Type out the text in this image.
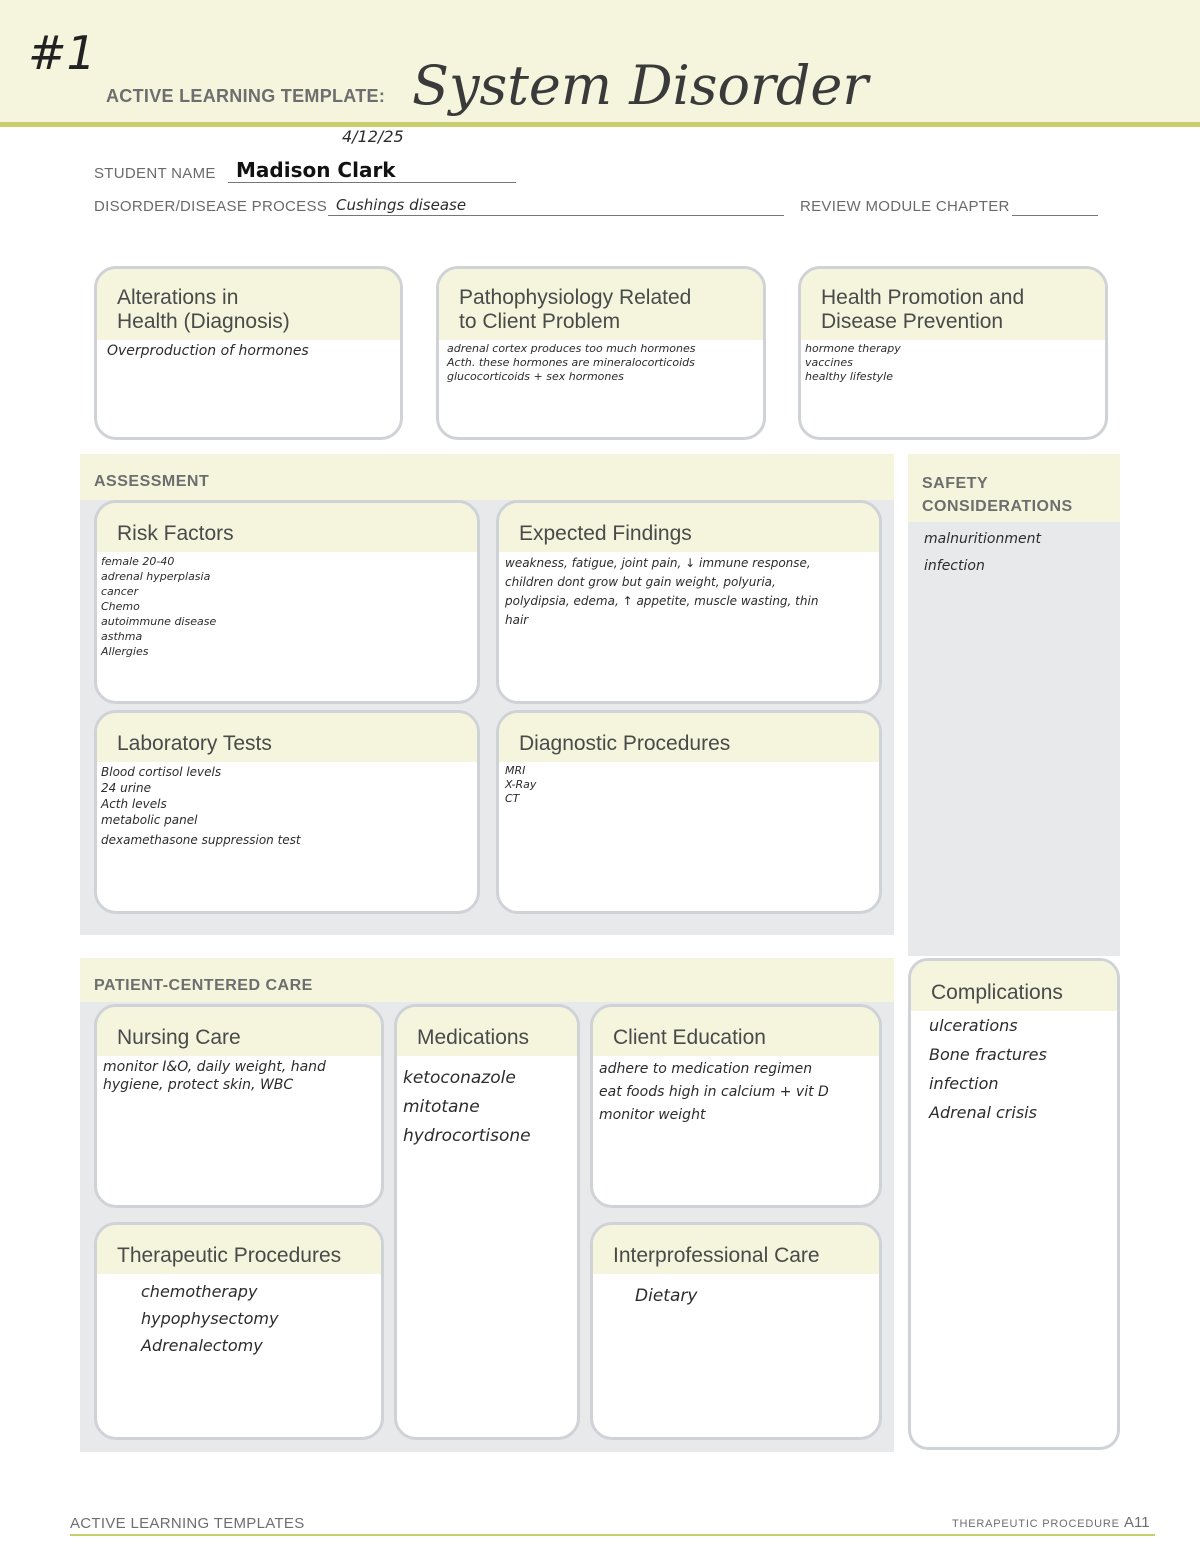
#1
ACTIVE LEARNING TEMPLATE: System Disorder
4/12/25
STUDENT NAME Madison Clark
DISORDER/DISEASE PROCESS Cushings disease	REVIEW MODULE CHAPTER
Alterations in
Health (Diagnosis)
Overproduction of hormones
Pathophysiology Related
to Client Problem
adrenal cortex produces too much hormones
Acth. these hormones are mineralocorticoids
glucocorticoids + sex hormones
Health Promotion and
Disease Prevention
hormone therapy
vaccines
healthy lifestyle
ASSESSMENT
Risk Factors
female 20-40
adrenal hyperplasia
cancer
Chemo
autoimmune disease
asthma
Allergies
Expected Findings
weakness, fatigue, joint pain, ↓ immune response,
children dont grow but gain weight, polyuria,
polydipsia, edema, ↑ appetite, muscle wasting, thin
hair
Laboratory Tests
Blood cortisol levels
24 urine
Acth levels
metabolic panel
dexamethasone suppression test
Diagnostic Procedures
MRI
X-Ray
CT
SAFETY
CONSIDERATIONS
malnuritionment
infection
PATIENT-CENTERED CARE
Nursing Care
monitor I&O, daily weight, hand
hygiene, protect skin, WBC
Medications
ketoconazole
mitotane
hydrocortisone
Client Education
adhere to medication regimen
eat foods high in calcium + vit D
monitor weight
Therapeutic Procedures
chemotherapy
hypophysectomy
Adrenalectomy
Interprofessional Care
Dietary
Complications
ulcerations
Bone fractures
infection
Adrenal crisis
ACTIVE LEARNING TEMPLATES	THERAPEUTIC PROCEDURE A11
